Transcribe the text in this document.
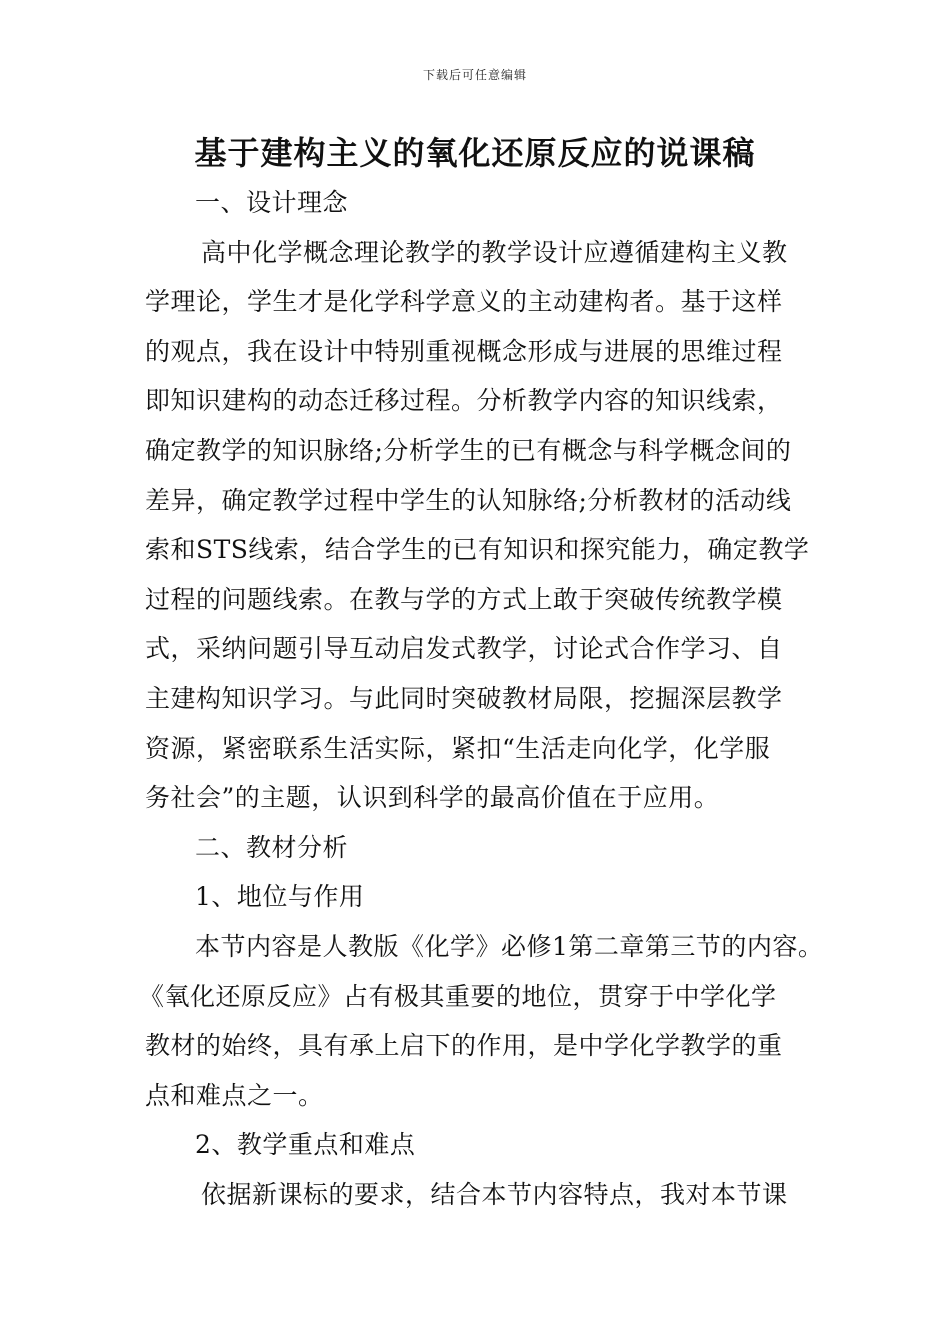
下载后可任意编辑
基于建构主义的氧化还原反应的说课稿
一、设计理念
高中化学概念理论教学的教学设计应遵循建构主义教
学理论，学生才是化学科学意义的主动建构者。基于这样
的观点，我在设计中特别重视概念形成与进展的思维过程
即知识建构的动态迁移过程。分析教学内容的知识线索，
确定教学的知识脉络;分析学生的已有概念与科学概念间的
差异，确定教学过程中学生的认知脉络;分析教材的活动线
索和STS线索，结合学生的已有知识和探究能力，确定教学
过程的问题线索。在教与学的方式上敢于突破传统教学模
式，采纳问题引导互动启发式教学，讨论式合作学习、自
主建构知识学习。与此同时突破教材局限，挖掘深层教学
资源，紧密联系生活实际，紧扣“生活走向化学，化学服
务社会”的主题，认识到科学的最高价值在于应用。
二、教材分析
1、地位与作用
本节内容是人教版《化学》必修1第二章第三节的内容。
《氧化还原反应》占有极其重要的地位，贯穿于中学化学
教材的始终，具有承上启下的作用，是中学化学教学的重
点和难点之一。
2、教学重点和难点
依据新课标的要求，结合本节内容特点，我对本节课
